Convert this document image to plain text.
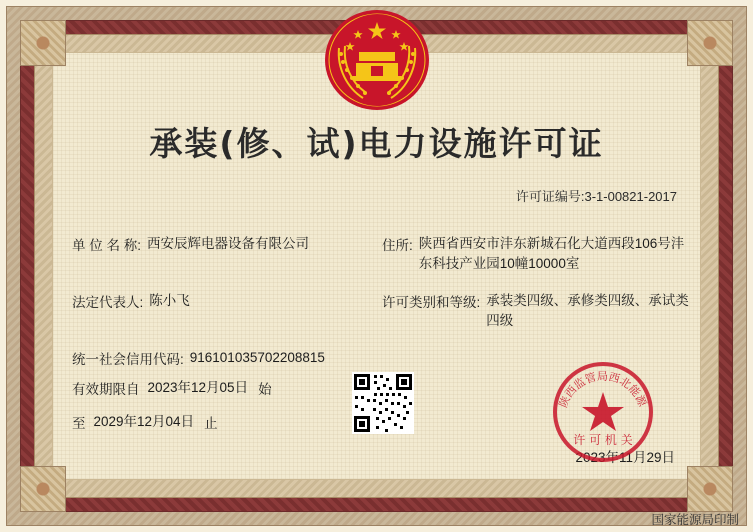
承装(修、试)电力设施许可证
许可证编号:3-1-00821-2017
单 位 名 称: 西安辰辉电器设备有限公司	住所: 陕西省西安市沣东新城石化大道西段106号沣东科技产业园10幢10000室
法定代表人: 陈小飞	许可类别和等级: 承装类四级、承修类四级、承试类四级
统一社会信用代码: 916101035702208815
有效期限自 2023年12月05日 始
至 2029年12月04日 止
陕西监管局西北能源
许 可 机 关
2023年11月29日
国家能源局印制
